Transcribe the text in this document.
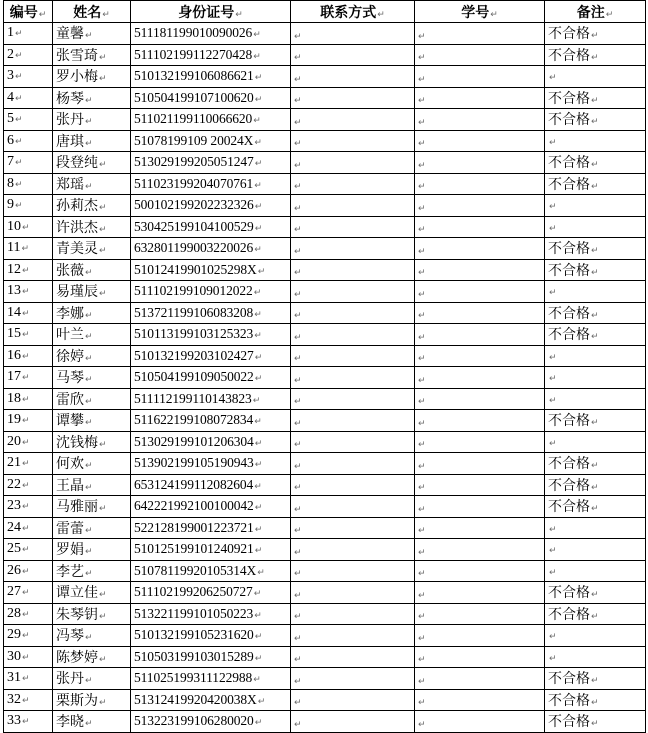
编号↵	姓名↵	身份证号↵	联系方式↵	学号↵	备注↵
1↵	童馨↵	511181199010090026↵	↵	↵	不合格↵
2↵	张雪琦↵	511102199112270428↵	↵	↵	不合格↵
3↵	罗小梅↵	510132199106086621↵	↵	↵	↵
4↵	杨琴↵	510504199107100620↵	↵	↵	不合格↵
5↵	张丹↵	511021199110066620↵	↵	↵	不合格↵
6↵	唐琪↵	51078199109 20024X↵	↵	↵	↵
7↵	段登纯↵	513029199205051247↵	↵	↵	不合格↵
8↵	郑瑶↵	511023199204070761↵	↵	↵	不合格↵
9↵	孙莉杰↵	500102199202232326↵	↵	↵	↵
10↵	许洪杰↵	530425199104100529↵	↵	↵	↵
11↵	青美灵↵	632801199003220026↵	↵	↵	不合格↵
12↵	张薇↵	51012419901025298X↵	↵	↵	不合格↵
13↵	易瑾辰↵	511102199109012022↵	↵	↵	↵
14↵	李娜↵	513721199106083208↵	↵	↵	不合格↵
15↵	叶兰↵	510113199103125323↵	↵	↵	不合格↵
16↵	徐婷↵	510132199203102427↵	↵	↵	↵
17↵	马琴↵	510504199109050022↵	↵	↵	↵
18↵	雷欣↵	511112199110143823↵	↵	↵	↵
19↵	谭攀↵	511622199108072834↵	↵	↵	不合格↵
20↵	沈钱梅↵	513029199101206304↵	↵	↵	↵
21↵	何欢↵	513902199105190943↵	↵	↵	不合格↵
22↵	王晶↵	653124199112082604↵	↵	↵	不合格↵
23↵	马雅丽↵	642221992100100042↵	↵	↵	不合格↵
24↵	雷蕾↵	522128199001223721↵	↵	↵	↵
25↵	罗娟↵	510125199101240921↵	↵	↵	↵
26↵	李艺↵	51078119920105314X↵	↵	↵	↵
27↵	谭立佳↵	511102199206250727↵	↵	↵	不合格↵
28↵	朱琴钥↵	513221199101050223↵	↵	↵	不合格↵
29↵	冯琴↵	510132199105231620↵	↵	↵	↵
30↵	陈梦婷↵	510503199103015289↵	↵	↵	↵
31↵	张丹↵	511025199311122988↵	↵	↵	不合格↵
32↵	栗斯为↵	51312419920420038X↵	↵	↵	不合格↵
33↵	李晓↵	513223199106280020↵	↵	↵	不合格↵
